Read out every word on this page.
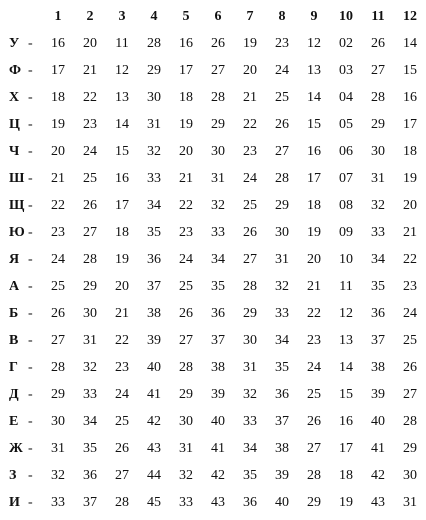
		1	2	3	4	5	6	7	8	9	10	11	12
У	-	16	20	11	28	16	26	19	23	12	02	26	14
Ф	-	17	21	12	29	17	27	20	24	13	03	27	15
Х	-	18	22	13	30	18	28	21	25	14	04	28	16
Ц	-	19	23	14	31	19	29	22	26	15	05	29	17
Ч	-	20	24	15	32	20	30	23	27	16	06	30	18
Ш	-	21	25	16	33	21	31	24	28	17	07	31	19
Щ	-	22	26	17	34	22	32	25	29	18	08	32	20
Ю	-	23	27	18	35	23	33	26	30	19	09	33	21
Я	-	24	28	19	36	24	34	27	31	20	10	34	22
А	-	25	29	20	37	25	35	28	32	21	11	35	23
Б	-	26	30	21	38	26	36	29	33	22	12	36	24
В	-	27	31	22	39	27	37	30	34	23	13	37	25
Г	-	28	32	23	40	28	38	31	35	24	14	38	26
Д	-	29	33	24	41	29	39	32	36	25	15	39	27
Е	-	30	34	25	42	30	40	33	37	26	16	40	28
Ж	-	31	35	26	43	31	41	34	38	27	17	41	29
З	-	32	36	27	44	32	42	35	39	28	18	42	30
И	-	33	37	28	45	33	43	36	40	29	19	43	31
